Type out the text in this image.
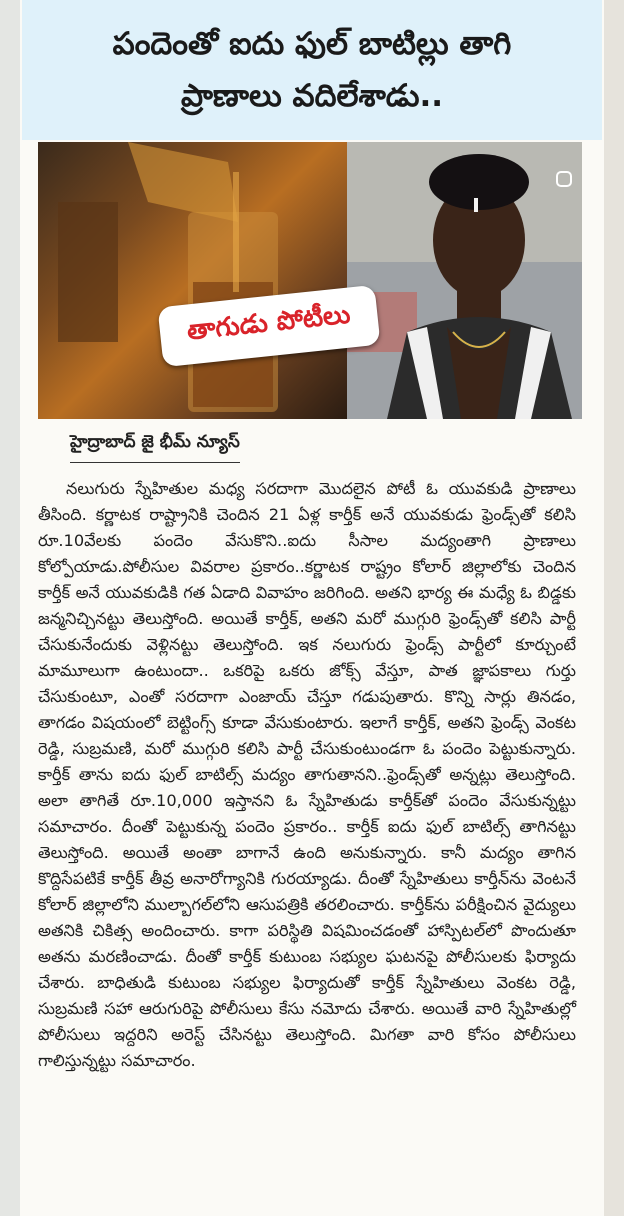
పందెంతో ఐదు ఫుల్ బాటిల్లు తాగి
ప్రాణాలు వదిలేశాడు..
తాగుడు పోటీలు
హైద్రాబాద్ జై భీమ్ న్యూస్

నలుగురు స్నేహితుల మధ్య సరదాగా మొదలైన పోటీ ఓ యువకుడి ప్రాణాలు తీసింది. కర్ణాటక రాష్ట్రానికి చెందిన 21 ఏళ్ల కార్తీక్ అనే యువకుడు ఫ్రెండ్స్‌తో కలిసి రూ.10వేలకు పందెం వేసుకొని..ఐదు సీసాల మద్యంతాగి ప్రాణాలు కోల్పోయాడు.పోలీసుల వివరాల ప్రకారం..కర్ణాటక రాష్ట్రం కోలార్ జిల్లాలోకు చెందిన కార్తీక్ అనే యువకుడికి గత ఏడాది వివాహం జరిగింది. అతని భార్య ఈ మధ్యే ఓ బిడ్డకు జన్మనిచ్చినట్టు తెలుస్తోంది. అయితే కార్తీక్, అతని మరో ముగ్గురి ఫ్రెండ్స్‌తో కలిసి పార్టీ చేసుకునేందుకు వెళ్లినట్టు తెలుస్తోంది. ఇక నలుగురు ఫ్రెండ్స్ పార్టీలో కూర్చుంటే మామూలుగా ఉంటుందా.. ఒకరిపై ఒకరు జోక్స్ వేస్తూ, పాత జ్ఞాపకాలు గుర్తు చేసుకుంటూ, ఎంతో సరదాగా ఎంజాయ్ చేస్తూ గడుపుతారు. కొన్ని సార్లు తినడం, తాగడం విషయంలో బెట్టింగ్స్ కూడా వేసుకుంటారు. ఇలాగే కార్తీక్, అతని ఫ్రెండ్స్ వెంకట రెడ్డి, సుబ్రమణి, మరో ముగ్గురి కలిసి పార్టీ చేసుకుంటుండగా ఓ పందెం పెట్టుకున్నారు. కార్తీక్ తాను ఐదు ఫుల్ బాటిల్స్ మద్యం తాగుతానని..ఫ్రెండ్స్‌తో అన్నట్లు తెలుస్తోంది. అలా తాగితే రూ.10,000 ఇస్తానని ఓ స్నేహితుడు కార్తీక్‌తో పందెం వేసుకున్నట్టు సమాచారం. దీంతో పెట్టుకున్న పందెం ప్రకారం.. కార్తీక్ ఐదు ఫుల్ బాటిల్స్ తాగినట్టు తెలుస్తోంది. అయితే అంతా బాగానే ఉంది అనుకున్నారు. కానీ మద్యం తాగిన కొద్దిసేపటికే కార్తీక్ తీవ్ర అనారోగ్యానికి గురయ్యాడు. దీంతో స్నేహితులు కార్తీన్‌ను వెంటనే కోలార్ జిల్లాలోని ముల్బాగల్‌లోని ఆసుపత్రికి తరలించారు. కార్తీక్‌ను పరీక్షించిన వైద్యులు అతనికి చికిత్స అందించారు. కాగా పరిస్థితి విషమించడంతో హాస్పిటల్‌లో పొందుతూ అతను మరణించాడు. దీంతో కార్తీక్ కుటుంబ సభ్యుల ఘటనపై పోలీసులకు ఫిర్యాదు చేశారు. బాధితుడి కుటుంబ సభ్యుల ఫిర్యాదుతో కార్తీక్ స్నేహితులు వెంకట రెడ్డి, సుబ్రమణి సహా ఆరుగురిపై పోలీసులు కేసు నమోదు చేశారు. అయితే వారి స్నేహితుల్లో పోలీసులు ఇద్దరిని అరెస్ట్ చేసినట్టు తెలుస్తోంది. మిగతా వారి కోసం పోలీసులు గాలిస్తున్నట్టు సమాచారం.
